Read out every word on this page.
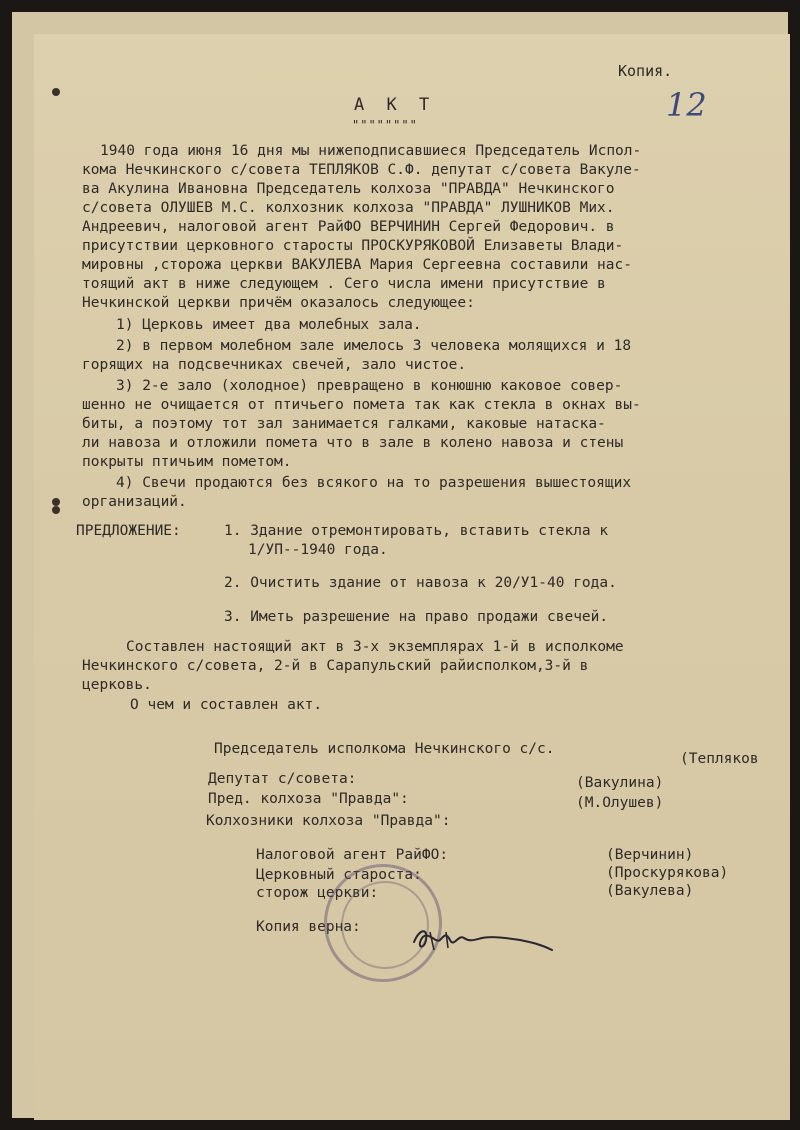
Копия.
12
А К Т
""""""""
1940 года июня 16 дня мы нижеподписавшиеся Председатель Испол-
кома Нечкинского с/совета ТЕПЛЯКОВ С.Ф. депутат с/совета Вакуле-
ва Акулина Ивановна Председатель колхоза "ПРАВДА" Нечкинского
с/совета ОЛУШЕВ М.С. колхозник колхоза "ПРАВДА" ЛУШНИКОВ Мих.
Андреевич, налоговой агент РайФО ВЕРЧИНИН Сергей Федорович. в
присутствии церковного старосты ПРОСКУРЯКОВОЙ Елизаветы Влади-
мировны ,сторожа церкви ВАКУЛЕВА Мария Сергеевна составили нас-
тоящий акт в ниже следующем . Сего числа имени присутствие в
Нечкинской церкви причём оказалось следующее:
1) Церковь имеет два молебных зала.
2) в первом молебном зале имелось 3 человека молящихся и 18
горящих на подсвечниках свечей, зало чистое.
3) 2-е зало (холодное) превращено в конюшню каковое совер-
шенно не очищается от птичьего помета так как стекла в окнах вы-
биты, а поэтому тот зал занимается галками, каковые натаска-
ли навоза и отложили помета что в зале в колено навоза и стены
покрыты птичьим пометом.
4) Свечи продаются без всякого на то разрешения вышестоящих
организаций.
ПРЕДЛОЖЕНИЕ:	1. Здание отремонтировать, вставить стекла к
1/УП--1940 года.
2. Очистить здание от навоза к 20/У1-40 года.
3. Иметь разрешение на право продажи свечей.
Составлен настоящий акт в 3-х экземплярах 1-й в исполкоме
Нечкинского с/совета, 2-й в Сарапульский райисполком,3-й в
церковь.
О чем и составлен акт.
Председатель исполкома Нечкинского с/с.
(Тепляков
Депутат с/совета:	(Вакулина)
Пред. колхоза "Правда":	(М.Олушев)
Колхозники колхоза "Правда":
Налоговой агент РайФО:	(Верчинин)
Церковный староста:	(Проскурякова)
сторож церкви:	(Вакулева)
Копия верна:
